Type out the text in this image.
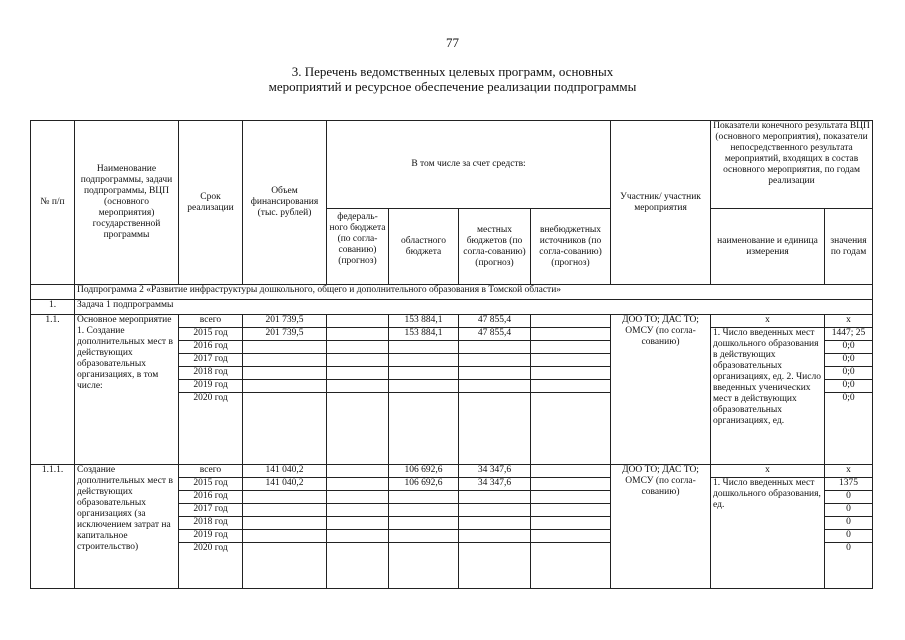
77
3. Перечень ведомственных целевых программ, основных
мероприятий и ресурсное обеспечение реализации подпрограммы
№ п/п	Наименование подпрограммы, задачи подпрограммы, ВЦП (основного мероприятия) государственной программы	Срок реализации	Объем финансирования (тыс. рублей)	В том числе за счет средств:				Участник/ участник мероприятия	Показатели конечного результата ВЦП (основного мероприятия), показатели непосредственного результата мероприятий, входящих в состав основного мероприятия, по годам реализации	
				федераль-ного бюджета (по согла-сованию) (прогноз)	областного бюджета	местных бюджетов (по согла-сованию) (прогноз)	внебюджетных источников (по согла-сованию) (прогноз)		наименование и единица измерения	значения по годам
	Подпрограмма 2 «Развитие инфраструктуры дошкольного, общего и дополнительного образования в Томской области»									
1.	Задача 1 подпрограммы									
1.1.	Основное мероприятие 1. Создание дополнительных мест в действующих образовательных организациях, в том числе:	всего	201 739,5		153 884,1	47 855,4		ДОО ТО; ДАС ТО; ОМСУ (по согла-сованию)	х	х
		2015 год	201 739,5		153 884,1	47 855,4			1. Число введенных мест дошкольного образования в действующих образовательных организациях, ед. 2. Число введенных ученических мест в действующих образовательных организациях, ед.	1447; 25
		2016 год								0;0
		2017 год								0;0
		2018 год								0;0
		2019 год								0;0
		2020 год								0;0
1.1.1.	Создание дополнительных мест в действующих образовательных организациях (за исключением затрат на капитальное строительство)	всего	141 040,2		106 692,6	34 347,6		ДОО ТО; ДАС ТО; ОМСУ (по согла-сованию)	х	х
		2015 год	141 040,2		106 692,6	34 347,6			1. Число введенных мест дошкольного образования, ед.	1375
		2016 год								0
		2017 год								0
		2018 год								0
		2019 год								0
		2020 год								0
